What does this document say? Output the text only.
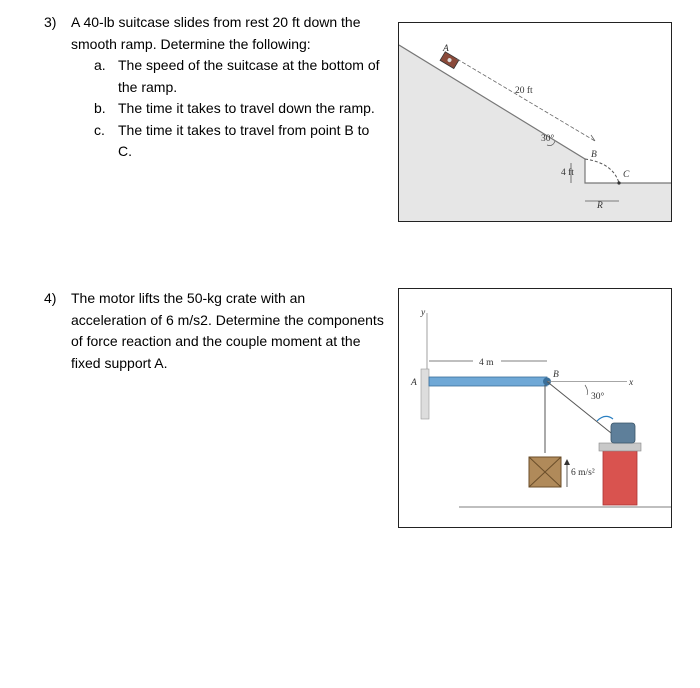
3) A 40-lb suitcase slides from rest 20 ft down the smooth ramp. Determine the following:
a. The speed of the suitcase at the bottom of the ramp.
b. The time it takes to travel down the ramp.
c. The time it takes to travel from point B to C.
20 ft
A
30°
B
C
4 ft
R
4) The motor lifts the 50-kg crate with an acceleration of 6 m/s2. Determine the components of force reaction and the couple moment at the fixed support A.
y
A
B
4 m
x
30°
6 m/s²
